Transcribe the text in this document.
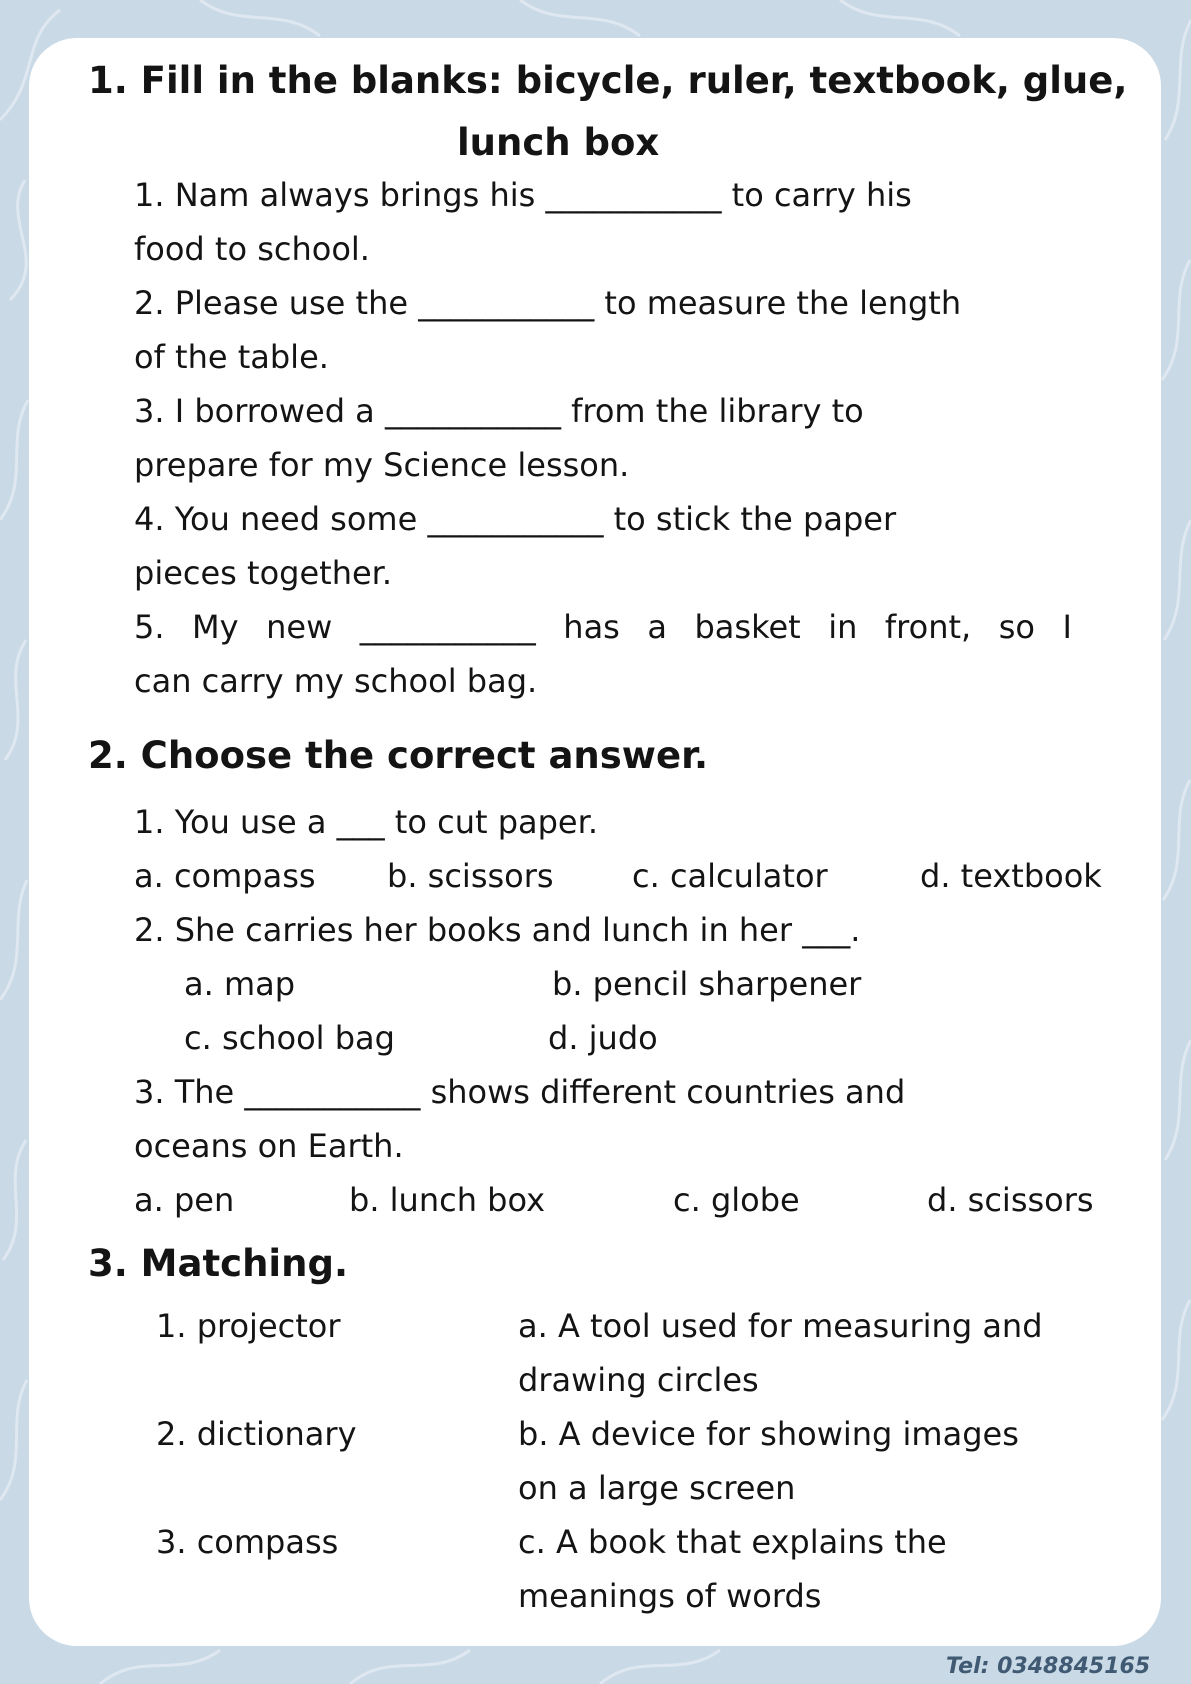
1. Fill in the blanks: bicycle, ruler, textbook, glue,
lunch box
1. Nam always brings his ___________ to carry his
food to school.
2. Please use the ___________ to measure the length
of the table.
3. I borrowed a ___________ from the library to
prepare for my Science lesson.
4. You need some ___________ to stick the paper
pieces together.
5. My new ___________ has a basket in front, so I
can carry my school bag.
2. Choose the correct answer.
1. You use a ___ to cut paper.
a. compass b. scissors c. calculator	d. textbook
2. She carries her books and lunch in her ___.
a. map	b. pencil sharpener
c. school bag	d. judo
3. The ___________ shows different countries and
oceans on Earth.
a. pen	b. lunch box	c. globe	d. scissors
3. Matching.
1. projector	a. A tool used for measuring and
drawing circles
2. dictionary	b. A device for showing images
on a large screen
3. compass	c. A book that explains the
meanings of words
Tel: 0348845165
